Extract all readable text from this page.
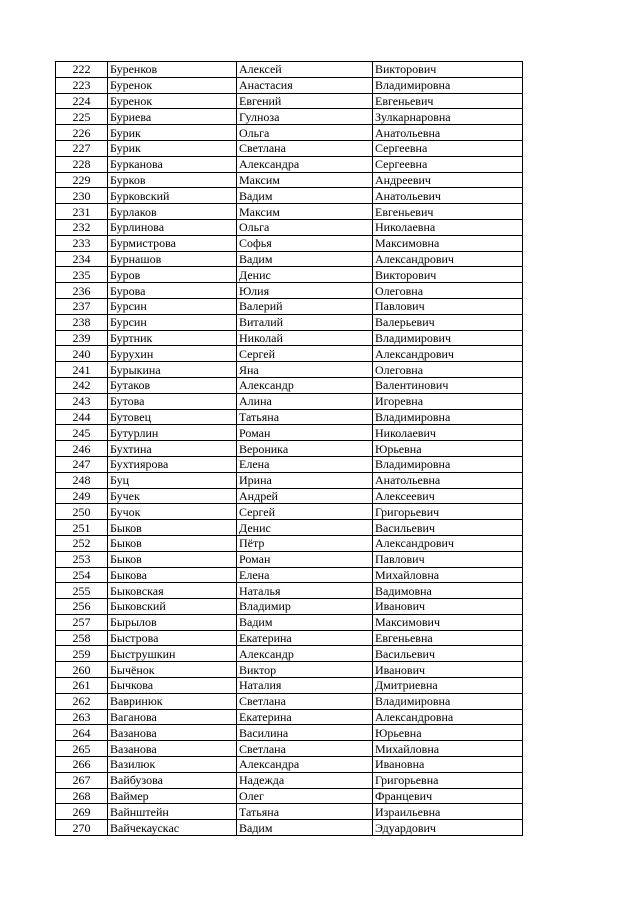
222	Буренков	Алексей	Викторович
223	Буренок	Анастасия	Владимировна
224	Буренок	Евгений	Евгеньевич
225	Буриева	Гулноза	Зулкарнаровна
226	Бурик	Ольга	Анатольевна
227	Бурик	Светлана	Сергеевна
228	Бурканова	Александра	Сергеевна
229	Бурков	Максим	Андреевич
230	Бурковский	Вадим	Анатольевич
231	Бурлаков	Максим	Евгеньевич
232	Бурлинова	Ольга	Николаевна
233	Бурмистрова	Софья	Максимовна
234	Бурнашов	Вадим	Александрович
235	Буров	Денис	Викторович
236	Бурова	Юлия	Олеговна
237	Бурсин	Валерий	Павлович
238	Бурсин	Виталий	Валерьевич
239	Буртник	Николай	Владимирович
240	Бурухин	Сергей	Александрович
241	Бурыкина	Яна	Олеговна
242	Бутаков	Александр	Валентинович
243	Бутова	Алина	Игоревна
244	Бутовец	Татьяна	Владимировна
245	Бутурлин	Роман	Николаевич
246	Бухтина	Вероника	Юрьевна
247	Бухтиярова	Елена	Владимировна
248	Буц	Ирина	Анатольевна
249	Бучек	Андрей	Алексеевич
250	Бучок	Сергей	Григорьевич
251	Быков	Денис	Васильевич
252	Быков	Пётр	Александрович
253	Быков	Роман	Павлович
254	Быкова	Елена	Михайловна
255	Быковская	Наталья	Вадимовна
256	Быковский	Владимир	Иванович
257	Бырылов	Вадим	Максимович
258	Быстрова	Екатерина	Евгеньевна
259	Быструшкин	Александр	Васильевич
260	Бычёнок	Виктор	Иванович
261	Бычкова	Наталия	Дмитриевна
262	Вавринюк	Светлана	Владимировна
263	Ваганова	Екатерина	Александровна
264	Вазанова	Василина	Юрьевна
265	Вазанова	Светлана	Михайловна
266	Вазилюк	Александра	Ивановна
267	Вайбузова	Надежда	Григорьевна
268	Ваймер	Олег	Францевич
269	Вайнштейн	Татьяна	Израильевна
270	Вайчекаускас	Вадим	Эдуардович
